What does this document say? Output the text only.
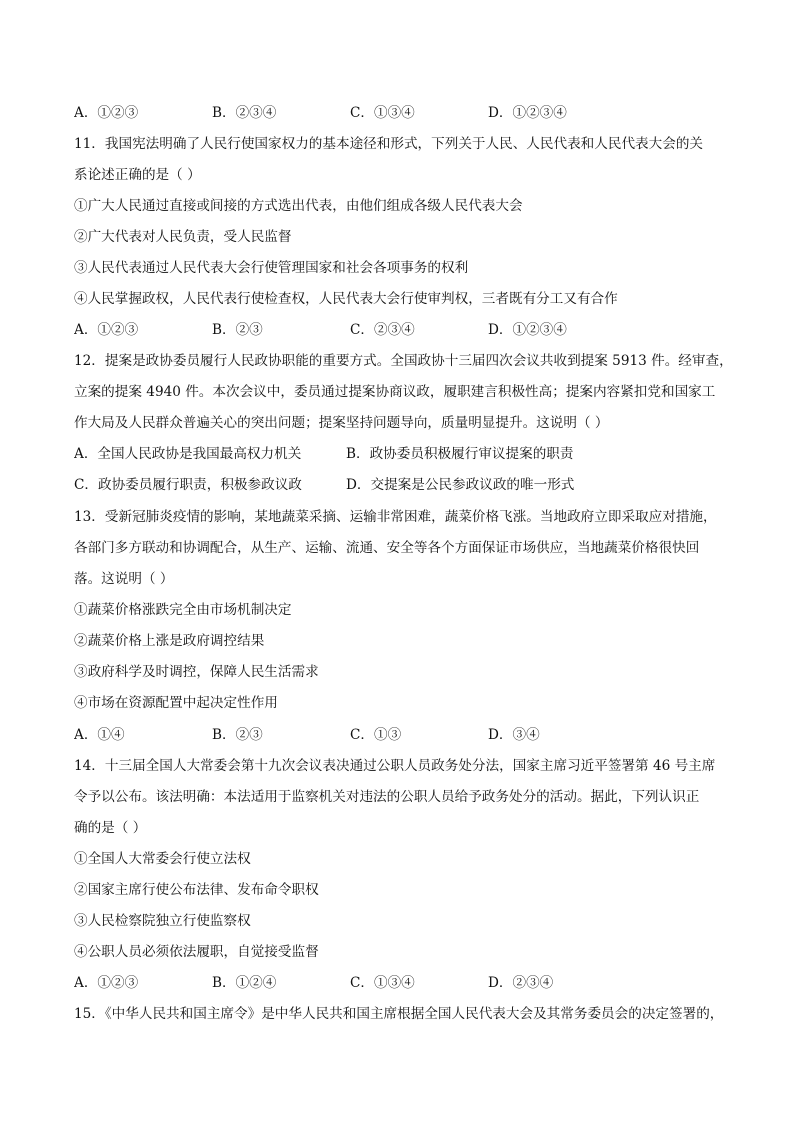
A．①②③	B．②③④	C．①③④	D．①②③④
11．我国宪法明确了人民行使国家权力的基本途径和形式，下列关于人民、人民代表和人民代表大会的关
系论述正确的是（ ）
①广大人民通过直接或间接的方式选出代表，由他们组成各级人民代表大会
②广大代表对人民负责，受人民监督
③人民代表通过人民代表大会行使管理国家和社会各项事务的权利
④人民掌握政权，人民代表行使检查权，人民代表大会行使审判权，三者既有分工又有合作
A．①②③	B．②③	C．②③④	D．①②③④
12．提案是政协委员履行人民政协职能的重要方式。全国政协十三届四次会议共收到提案 5913 件。经审查，
立案的提案 4940 件。本次会议中，委员通过提案协商议政，履职建言积极性高；提案内容紧扣党和国家工
作大局及人民群众普遍关心的突出问题；提案坚持问题导向，质量明显提升。这说明（ ）
A．全国人民政协是我国最高权力机关	B．政协委员积极履行审议提案的职责
C．政协委员履行职责，积极参政议政	D．交提案是公民参政议政的唯一形式
13．受新冠肺炎疫情的影响，某地蔬菜采摘、运输非常困难，蔬菜价格飞涨。当地政府立即采取应对措施，
各部门多方联动和协调配合，从生产、运输、流通、安全等各个方面保证市场供应，当地蔬菜价格很快回
落。这说明（ ）
①蔬菜价格涨跌完全由市场机制决定
②蔬菜价格上涨是政府调控结果
③政府科学及时调控，保障人民生活需求
④市场在资源配置中起决定性作用
A．①④	B．②③	C．①③	D．③④
14．十三届全国人大常委会第十九次会议表决通过公职人员政务处分法，国家主席习近平签署第 46 号主席
令予以公布。该法明确：本法适用于监察机关对违法的公职人员给予政务处分的活动。据此，下列认识正
确的是（ ）
①全国人大常委会行使立法权
②国家主席行使公布法律、发布命令职权
③人民检察院独立行使监察权
④公职人员必须依法履职，自觉接受监督
A．①②③	B．①②④	C．①③④	D．②③④
15．《中华人民共和国主席令》是中华人民共和国主席根据全国人民代表大会及其常务委员会的决定签署的，
